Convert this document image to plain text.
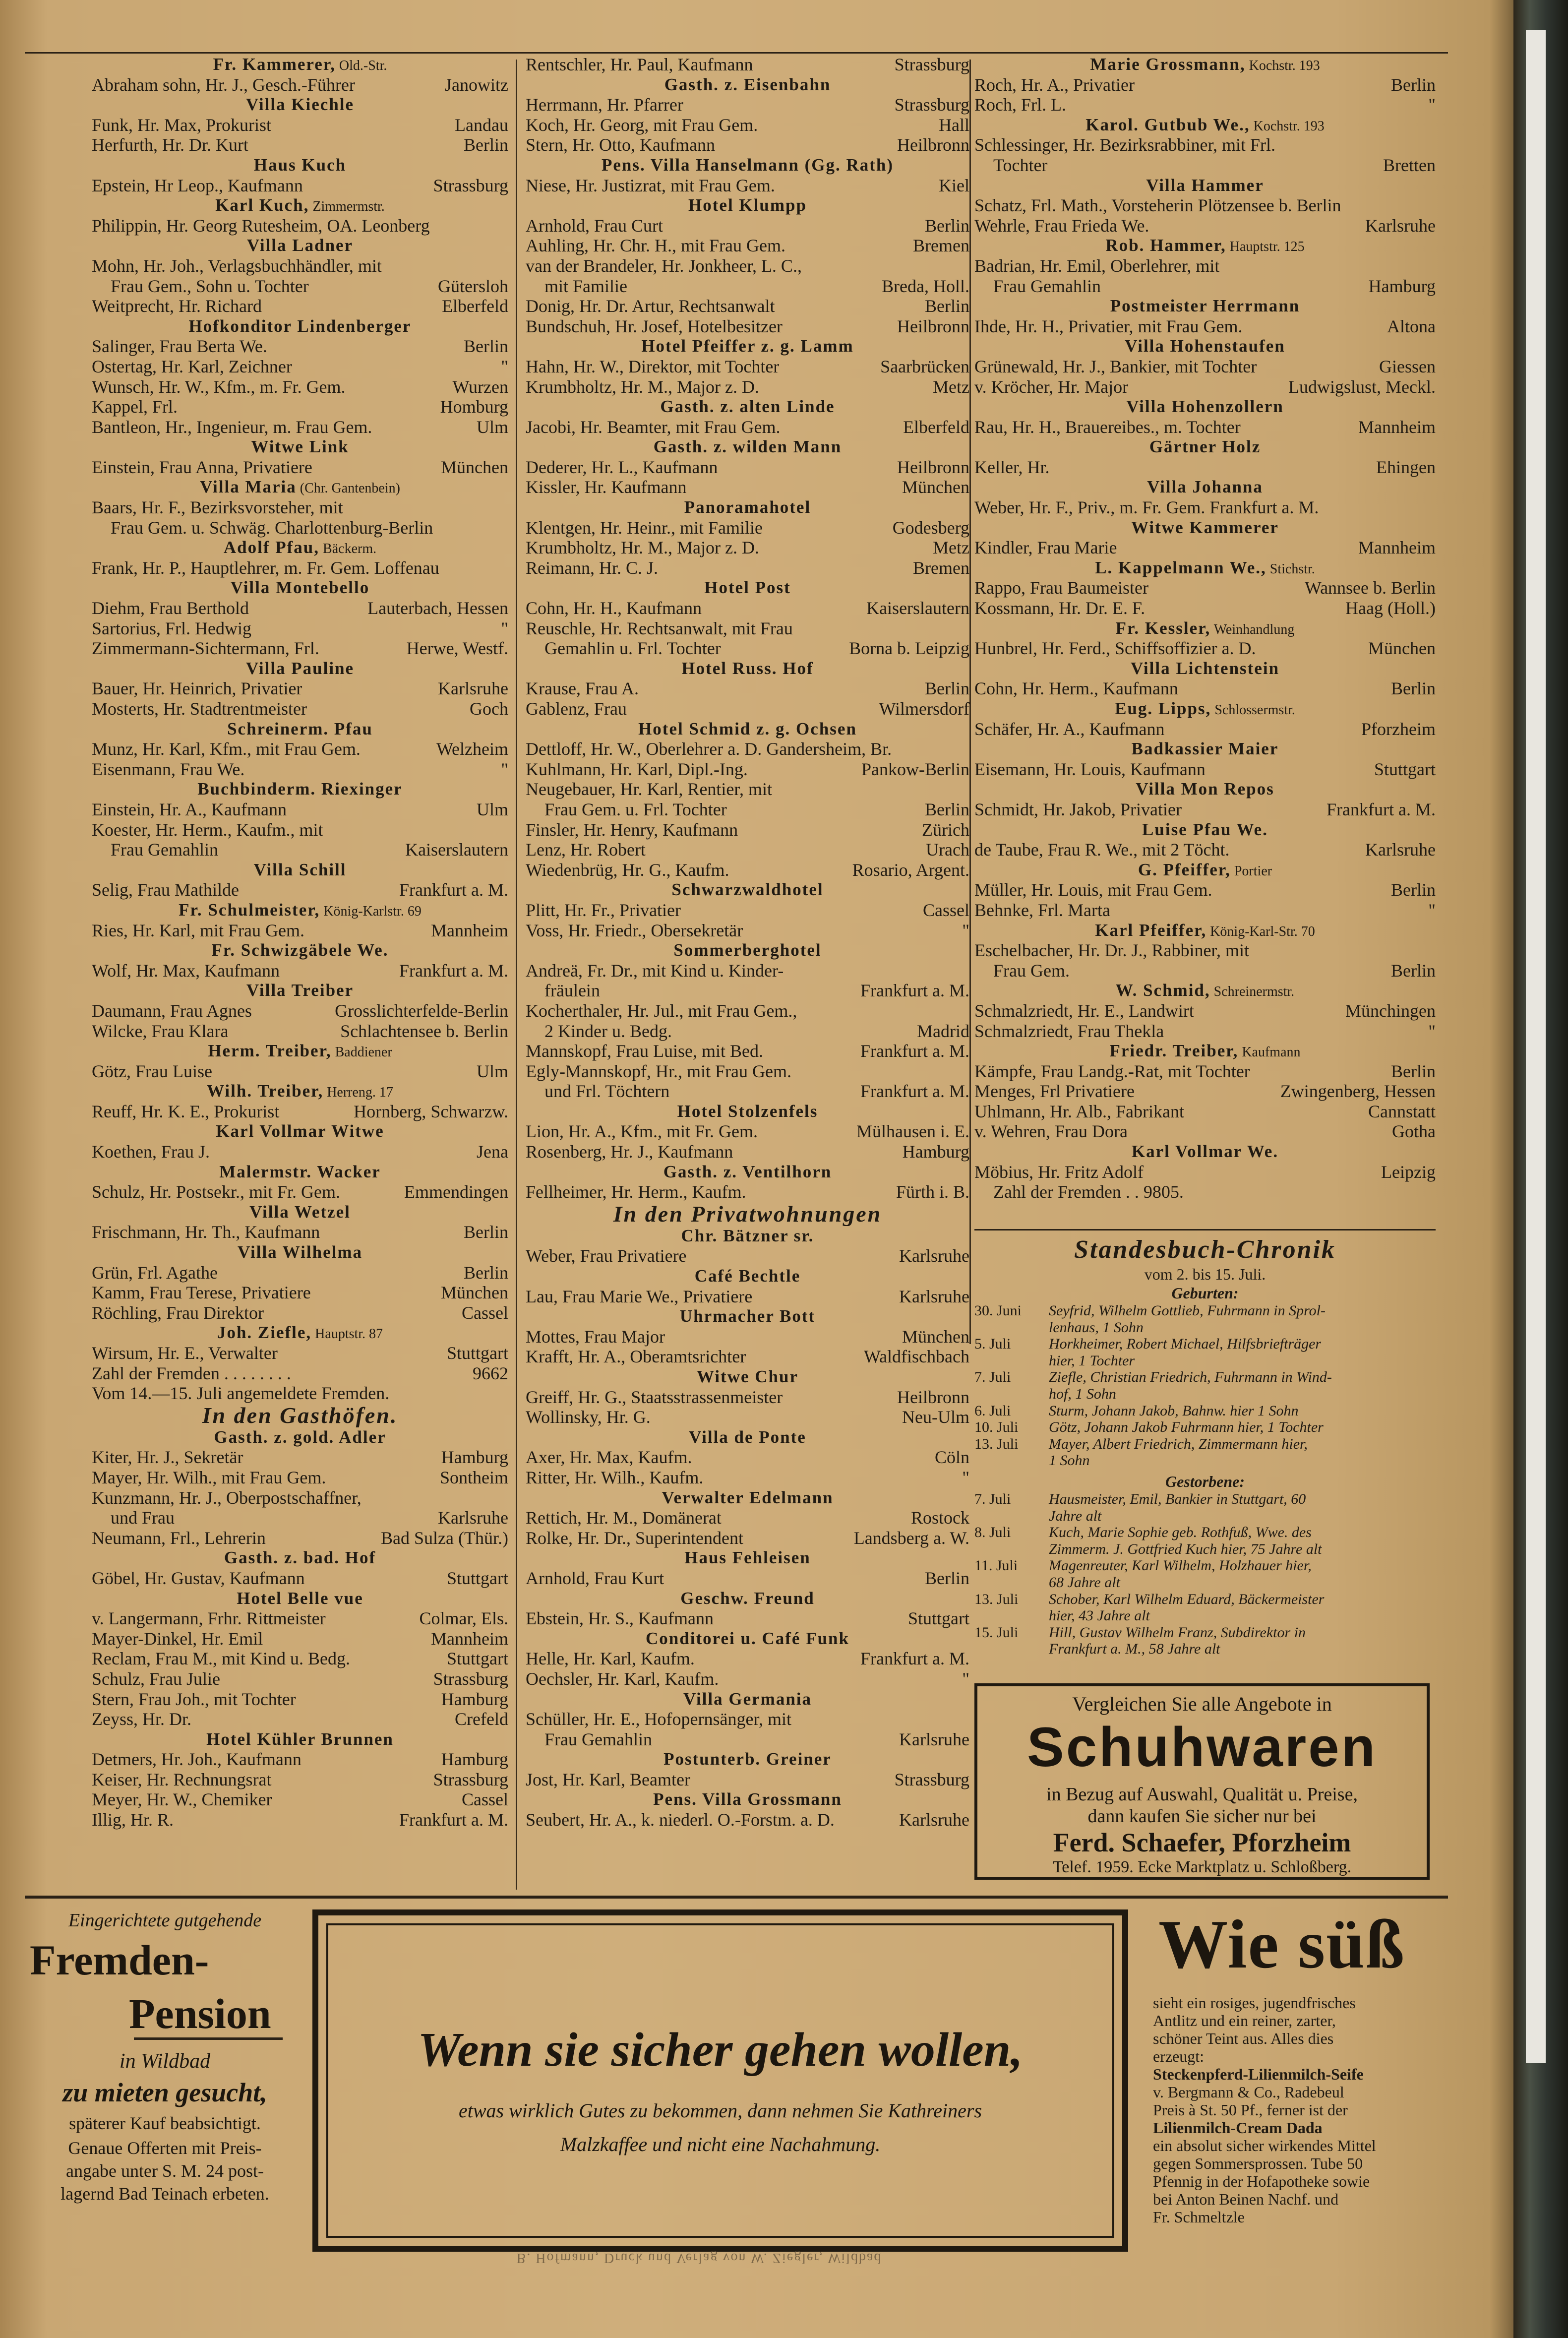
Fr. Kammerer, Old.-Str.
Abraham sohn, Hr. J., Gesch.-Führer	Janowitz
Villa Kiechle
Funk, Hr. Max, Prokurist	Landau
Herfurth, Hr. Dr. Kurt	Berlin
Haus Kuch
Epstein, Hr Leop., Kaufmann	Strassburg
Karl Kuch, Zimmermstr.
Philippin, Hr. Georg Rutesheim, OA. Leonberg
Villa Ladner
Mohn, Hr. Joh., Verlagsbuchhändler, mit
Frau Gem., Sohn u. Tochter	Gütersloh
Weitprecht, Hr. Richard	Elberfeld
Hofkonditor Lindenberger
Salinger, Frau Berta We.	Berlin
Ostertag, Hr. Karl, Zeichner	"
Wunsch, Hr. W., Kfm., m. Fr. Gem.	Wurzen
Kappel, Frl.	Homburg
Bantleon, Hr., Ingenieur, m. Frau Gem.	Ulm
Witwe Link
Einstein, Frau Anna, Privatiere	München
Villa Maria (Chr. Gantenbein)
Baars, Hr. F., Bezirksvorsteher, mit
Frau Gem. u. Schwäg. Charlottenburg-Berlin
Adolf Pfau, Bäckerm.
Frank, Hr. P., Hauptlehrer, m. Fr. Gem. Loffenau
Villa Montebello
Diehm, Frau Berthold	Lauterbach, Hessen
Sartorius, Frl. Hedwig	"
Zimmermann-Sichtermann, Frl.	Herwe, Westf.
Villa Pauline
Bauer, Hr. Heinrich, Privatier	Karlsruhe
Mosterts, Hr. Stadtrentmeister	Goch
Schreinerm. Pfau
Munz, Hr. Karl, Kfm., mit Frau Gem.	Welzheim
Eisenmann, Frau We.	"
Buchbinderm. Riexinger
Einstein, Hr. A., Kaufmann	Ulm
Koester, Hr. Herm., Kaufm., mit
Frau Gemahlin	Kaiserslautern
Villa Schill
Selig, Frau Mathilde	Frankfurt a. M.
Fr. Schulmeister, König-Karlstr. 69
Ries, Hr. Karl, mit Frau Gem.	Mannheim
Fr. Schwizgäbele We.
Wolf, Hr. Max, Kaufmann	Frankfurt a. M.
Villa Treiber
Daumann, Frau Agnes	Grosslichterfelde-Berlin
Wilcke, Frau Klara	Schlachtensee b. Berlin
Herm. Treiber, Baddiener
Götz, Frau Luise	Ulm
Wilh. Treiber, Herreng. 17
Reuff, Hr. K. E., Prokurist	Hornberg, Schwarzw.
Karl Vollmar Witwe
Koethen, Frau J.	Jena
Malermstr. Wacker
Schulz, Hr. Postsekr., mit Fr. Gem.	Emmendingen
Villa Wetzel
Frischmann, Hr. Th., Kaufmann	Berlin
Villa Wilhelma
Grün, Frl. Agathe	Berlin
Kamm, Frau Terese, Privatiere	München
Röchling, Frau Direktor	Cassel
Joh. Ziefle, Hauptstr. 87
Wirsum, Hr. E., Verwalter	Stuttgart
Zahl der Fremden . . . . . . . .	9662
Vom 14.—15. Juli angemeldete Fremden.
In den Gasthöfen.
Gasth. z. gold. Adler
Kiter, Hr. J., Sekretär	Hamburg
Mayer, Hr. Wilh., mit Frau Gem.	Sontheim
Kunzmann, Hr. J., Oberpostschaffner,
und Frau	Karlsruhe
Neumann, Frl., Lehrerin	Bad Sulza (Thür.)
Gasth. z. bad. Hof
Göbel, Hr. Gustav, Kaufmann	Stuttgart
Hotel Belle vue
v. Langermann, Frhr. Rittmeister	Colmar, Els.
Mayer-Dinkel, Hr. Emil	Mannheim
Reclam, Frau M., mit Kind u. Bedg.	Stuttgart
Schulz, Frau Julie	Strassburg
Stern, Frau Joh., mit Tochter	Hamburg
Zeyss, Hr. Dr.	Crefeld
Hotel Kühler Brunnen
Detmers, Hr. Joh., Kaufmann	Hamburg
Keiser, Hr. Rechnungsrat	Strassburg
Meyer, Hr. W., Chemiker	Cassel
Illig, Hr. R.	Frankfurt a. M.
Rentschler, Hr. Paul, Kaufmann	Strassburg
Gasth. z. Eisenbahn
Herrmann, Hr. Pfarrer	Strassburg
Koch, Hr. Georg, mit Frau Gem.	Hall
Stern, Hr. Otto, Kaufmann	Heilbronn
Pens. Villa Hanselmann (Gg. Rath)
Niese, Hr. Justizrat, mit Frau Gem.	Kiel
Hotel Klumpp
Arnhold, Frau Curt	Berlin
Auhling, Hr. Chr. H., mit Frau Gem.	Bremen
van der Brandeler, Hr. Jonkheer, L. C.,
mit Familie	Breda, Holl.
Donig, Hr. Dr. Artur, Rechtsanwalt	Berlin
Bundschuh, Hr. Josef, Hotelbesitzer	Heilbronn
Hotel Pfeiffer z. g. Lamm
Hahn, Hr. W., Direktor, mit Tochter	Saarbrücken
Krumbholtz, Hr. M., Major z. D.	Metz
Gasth. z. alten Linde
Jacobi, Hr. Beamter, mit Frau Gem.	Elberfeld
Gasth. z. wilden Mann
Dederer, Hr. L., Kaufmann	Heilbronn
Kissler, Hr. Kaufmann	München
Panoramahotel
Klentgen, Hr. Heinr., mit Familie	Godesberg
Krumbholtz, Hr. M., Major z. D.	Metz
Reimann, Hr. C. J.	Bremen
Hotel Post
Cohn, Hr. H., Kaufmann	Kaiserslautern
Reuschle, Hr. Rechtsanwalt, mit Frau
Gemahlin u. Frl. Tochter	Borna b. Leipzig
Hotel Russ. Hof
Krause, Frau A.	Berlin
Gablenz, Frau	Wilmersdorf
Hotel Schmid z. g. Ochsen
Dettloff, Hr. W., Oberlehrer a. D. Gandersheim, Br.
Kuhlmann, Hr. Karl, Dipl.-Ing.	Pankow-Berlin
Neugebauer, Hr. Karl, Rentier, mit
Frau Gem. u. Frl. Tochter	Berlin
Finsler, Hr. Henry, Kaufmann	Zürich
Lenz, Hr. Robert	Urach
Wiedenbrüg, Hr. G., Kaufm.	Rosario, Argent.
Schwarzwaldhotel
Plitt, Hr. Fr., Privatier	Cassel
Voss, Hr. Friedr., Obersekretär	"
Sommerberghotel
Andreä, Fr. Dr., mit Kind u. Kinder-
fräulein	Frankfurt a. M.
Kocherthaler, Hr. Jul., mit Frau Gem.,
2 Kinder u. Bedg.	Madrid
Mannskopf, Frau Luise, mit Bed.	Frankfurt a. M.
Egly-Mannskopf, Hr., mit Frau Gem.
und Frl. Töchtern	Frankfurt a. M.
Hotel Stolzenfels
Lion, Hr. A., Kfm., mit Fr. Gem.	Mülhausen i. E.
Rosenberg, Hr. J., Kaufmann	Hamburg
Gasth. z. Ventilhorn
Fellheimer, Hr. Herm., Kaufm.	Fürth i. B.
In den Privatwohnungen
Chr. Bätzner sr.
Weber, Frau Privatiere	Karlsruhe
Café Bechtle
Lau, Frau Marie We., Privatiere	Karlsruhe
Uhrmacher Bott
Mottes, Frau Major	München
Krafft, Hr. A., Oberamtsrichter	Waldfischbach
Witwe Chur
Greiff, Hr. G., Staatsstrassenmeister	Heilbronn
Wollinsky, Hr. G.	Neu-Ulm
Villa de Ponte
Axer, Hr. Max, Kaufm.	Cöln
Ritter, Hr. Wilh., Kaufm.	"
Verwalter Edelmann
Rettich, Hr. M., Domänerat	Rostock
Rolke, Hr. Dr., Superintendent	Landsberg a. W.
Haus Fehleisen
Arnhold, Frau Kurt	Berlin
Geschw. Freund
Ebstein, Hr. S., Kaufmann	Stuttgart
Conditorei u. Café Funk
Helle, Hr. Karl, Kaufm.	Frankfurt a. M.
Oechsler, Hr. Karl, Kaufm.	"
Villa Germania
Schüller, Hr. E., Hofopernsänger, mit
Frau Gemahlin	Karlsruhe
Postunterb. Greiner
Jost, Hr. Karl, Beamter	Strassburg
Pens. Villa Grossmann
Seubert, Hr. A., k. niederl. O.-Forstm. a. D.	Karlsruhe
Marie Grossmann, Kochstr. 193
Roch, Hr. A., Privatier	Berlin
Roch, Frl. L.	"
Karol. Gutbub We., Kochstr. 193
Schlessinger, Hr. Bezirksrabbiner, mit Frl.
Tochter	Bretten
Villa Hammer
Schatz, Frl. Math., Vorsteherin Plötzensee b. Berlin
Wehrle, Frau Frieda We.	Karlsruhe
Rob. Hammer, Hauptstr. 125
Badrian, Hr. Emil, Oberlehrer, mit
Frau Gemahlin	Hamburg
Postmeister Herrmann
Ihde, Hr. H., Privatier, mit Frau Gem.	Altona
Villa Hohenstaufen
Grünewald, Hr. J., Bankier, mit Tochter	Giessen
v. Kröcher, Hr. Major	Ludwigslust, Meckl.
Villa Hohenzollern
Rau, Hr. H., Brauereibes., m. Tochter	Mannheim
Gärtner Holz
Keller, Hr.	Ehingen
Villa Johanna
Weber, Hr. F., Priv., m. Fr. Gem. Frankfurt a. M.
Witwe Kammerer
Kindler, Frau Marie	Mannheim
L. Kappelmann We., Stichstr.
Rappo, Frau Baumeister	Wannsee b. Berlin
Kossmann, Hr. Dr. E. F.	Haag (Holl.)
Fr. Kessler, Weinhandlung
Hunbrel, Hr. Ferd., Schiffsoffizier a. D.	München
Villa Lichtenstein
Cohn, Hr. Herm., Kaufmann	Berlin
Eug. Lipps, Schlossermstr.
Schäfer, Hr. A., Kaufmann	Pforzheim
Badkassier Maier
Eisemann, Hr. Louis, Kaufmann	Stuttgart
Villa Mon Repos
Schmidt, Hr. Jakob, Privatier	Frankfurt a. M.
Luise Pfau We.
de Taube, Frau R. We., mit 2 Töcht.	Karlsruhe
G. Pfeiffer, Portier
Müller, Hr. Louis, mit Frau Gem.	Berlin
Behnke, Frl. Marta	"
Karl Pfeiffer, König-Karl-Str. 70
Eschelbacher, Hr. Dr. J., Rabbiner, mit
Frau Gem.	Berlin
W. Schmid, Schreinermstr.
Schmalzriedt, Hr. E., Landwirt	Münchingen
Schmalzriedt, Frau Thekla	"
Friedr. Treiber, Kaufmann
Kämpfe, Frau Landg.-Rat, mit Tochter	Berlin
Menges, Frl Privatiere	Zwingenberg, Hessen
Uhlmann, Hr. Alb., Fabrikant	Cannstatt
v. Wehren, Frau Dora	Gotha
Karl Vollmar We.
Möbius, Hr. Fritz Adolf	Leipzig
Zahl der Fremden . . 9805.
Standesbuch-Chronik
vom 2. bis 15. Juli.
Geburten:
30. Juni	Seyfrid, Wilhelm Gottlieb, Fuhrmann in Sprol-
lenhaus, 1 Sohn
5. Juli	Horkheimer, Robert Michael, Hilfsbriefträger
hier, 1 Tochter
7. Juli	Ziefle, Christian Friedrich, Fuhrmann in Wind-
hof, 1 Sohn
6. Juli	Sturm, Johann Jakob, Bahnw. hier 1 Sohn
10. Juli	Götz, Johann Jakob Fuhrmann hier, 1 Tochter
13. Juli	Mayer, Albert Friedrich, Zimmermann hier,
1 Sohn
Gestorbene:
7. Juli	Hausmeister, Emil, Bankier in Stuttgart, 60
Jahre alt
8. Juli	Kuch, Marie Sophie geb. Rothfuß, Wwe. des
Zimmerm. J. Gottfried Kuch hier, 75 Jahre alt
11. Juli	Magenreuter, Karl Wilhelm, Holzhauer hier,
68 Jahre alt
13. Juli	Schober, Karl Wilhelm Eduard, Bäckermeister
hier, 43 Jahre alt
15. Juli	Hill, Gustav Wilhelm Franz, Subdirektor in
Frankfurt a. M., 58 Jahre alt
Vergleichen Sie alle Angebote in
Schuhwaren
in Bezug auf Auswahl, Qualität u. Preise,
dann kaufen Sie sicher nur bei
Ferd. Schaefer, Pforzheim
Telef. 1959. Ecke Marktplatz u. Schloßberg.
Eingerichtete gutgehende
Fremden-
Pension
in Wildbad
zu mieten gesucht,
späterer Kauf beabsichtigt.
Genaue Offerten mit Preis-
angabe unter S. M. 24 post-
lagernd Bad Teinach erbeten.
Wenn sie sicher gehen wollen,
etwas wirklich Gutes zu bekommen, dann nehmen Sie Kathreiners
Malzkaffee und nicht eine Nachahmung.
Wie süß
sieht ein rosiges, jugendfrisches
Antlitz und ein reiner, zarter,
schöner Teint aus. Alles dies
erzeugt:
Steckenpferd-Lilienmilch-Seife
v. Bergmann & Co., Radebeul
Preis à St. 50 Pf., ferner ist der
Lilienmilch-Cream Dada
ein absolut sicher wirkendes Mittel
gegen Sommersprossen. Tube 50
Pfennig in der Hofapotheke sowie
bei Anton Beinen Nachf. und
Fr. Schmeltzle
B. Hofmann, Druck und Verlag von W. Ziegler, Wildbad
